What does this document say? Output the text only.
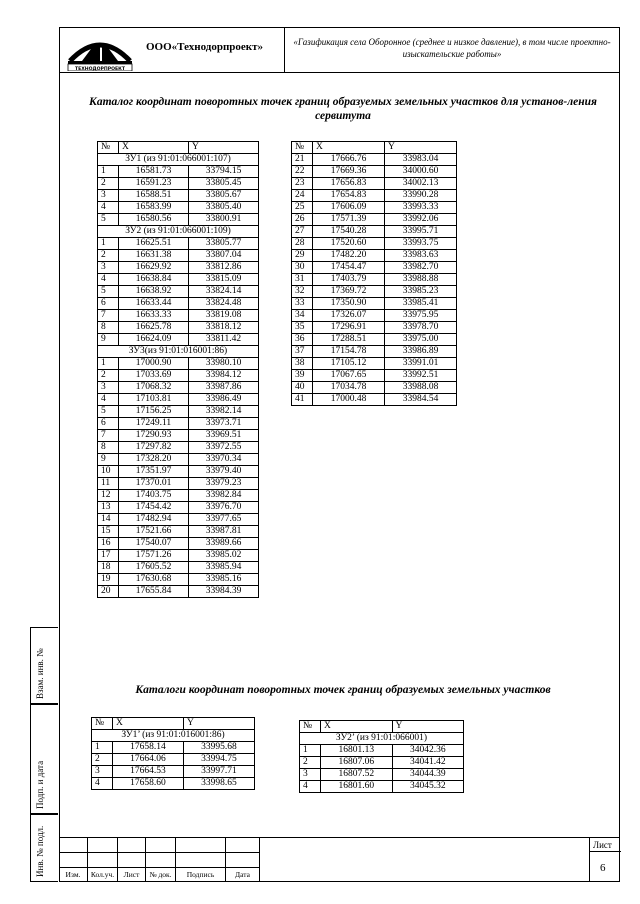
ТЕХНОДОРПРОЕКТ
ООО«Технодорпроект»	«Газификация села Оборонное (среднее и низкое давление), в том числе проектно-изыскательские работы»
Каталог координат поворотных точек границ образуемых земельных участков для установ-ления сервитута
№	X	Y
ЗУ1 (из 91:01:066001:107)		
1	16581.73	33794.15
2	16591.23	33805.45
3	16588.51	33805.67
4	16583.99	33805.40
5	16580.56	33800.91
ЗУ2 (из 91:01:066001:109)		
1	16625.51	33805.77
2	16631.38	33807.04
3	16629.92	33812.86
4	16638.84	33815.09
5	16638.92	33824.14
6	16633.44	33824.48
7	16633.33	33819.08
8	16625.78	33818.12
9	16624.09	33811.42
ЗУ3(из 91:01:016001:86)		
1	17000.90	33980.10
2	17033.69	33984.12
3	17068.32	33987.86
4	17103.81	33986.49
5	17156.25	33982.14
6	17249.11	33973.71
7	17290.93	33969.51
8	17297.82	33972.55
9	17328.20	33970.34
10	17351.97	33979.40
11	17370.01	33979.23
12	17403.75	33982.84
13	17454.42	33976.70
14	17482.94	33977.65
15	17521.66	33987.81
16	17540.07	33989.66
17	17571.26	33985.02
18	17605.52	33985.94
19	17630.68	33985.16
20	17655.84	33984.39
№	X	Y
21	17666.76	33983.04
22	17669.36	34000.60
23	17656.83	34002.13
24	17654.83	33990.28
25	17606.09	33993.33
26	17571.39	33992.06
27	17540.28	33995.71
28	17520.60	33993.75
29	17482.20	33983.63
30	17454.47	33982.70
31	17403.79	33988.88
32	17369.72	33985.23
33	17350.90	33985.41
34	17326.07	33975.95
35	17296.91	33978.70
36	17288.51	33975.00
37	17154.78	33986.89
38	17105.12	33991.01
39	17067.65	33992.51
40	17034.78	33988.08
41	17000.48	33984.54
Каталоги координат поворотных точек границ образуемых земельных участков
№	X	Y
ЗУ1’ (из 91:01:016001:86)		
1	17658.14	33995.68
2	17664.06	33994.75
3	17664.53	33997.71
4	17658.60	33998.65
№	X	Y
ЗУ2’ (из 91:01:066001)		
1	16801.13	34042.36
2	16807.06	34041.42
3	16807.52	34044.39
4	16801.60	34045.32
Взам. инв. №
Подп. и дата
Инв. № подл.	Изм.	Кол.уч.	Лист	№ док.	Подпись	Дата
Лист
6
